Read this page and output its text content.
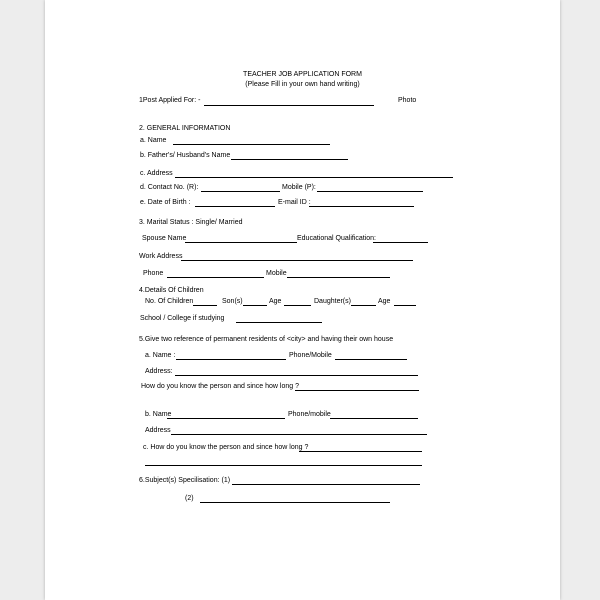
TEACHER JOB APPLICATION FORM
(Please Fill in your own hand writing)
1Post Applied For: -	Photo
2. GENERAL INFORMATION
a. Name
b. Father's/ Husband's Name
c. Address
d. Contact No. (R):	Mobile (P):
e. Date of Birth :	E-mail ID :
3. Marital Status : Single/ Married
Spouse Name	Educational Qualification:
Work Address
Phone	Mobile
4.Details Of Children
No. Of Children	Son(s)	Age	Daughter(s)	Age
School / College if studying
5.Give two reference of permanent residents of <city> and having their own house
a. Name :	Phone/Mobile
Address:
How do you know the person and since how long ?
b. Name	Phone/mobile
Address
c. How do you know the person and since how long ?
6.Subject(s) Specilisation: (1)
(2)
